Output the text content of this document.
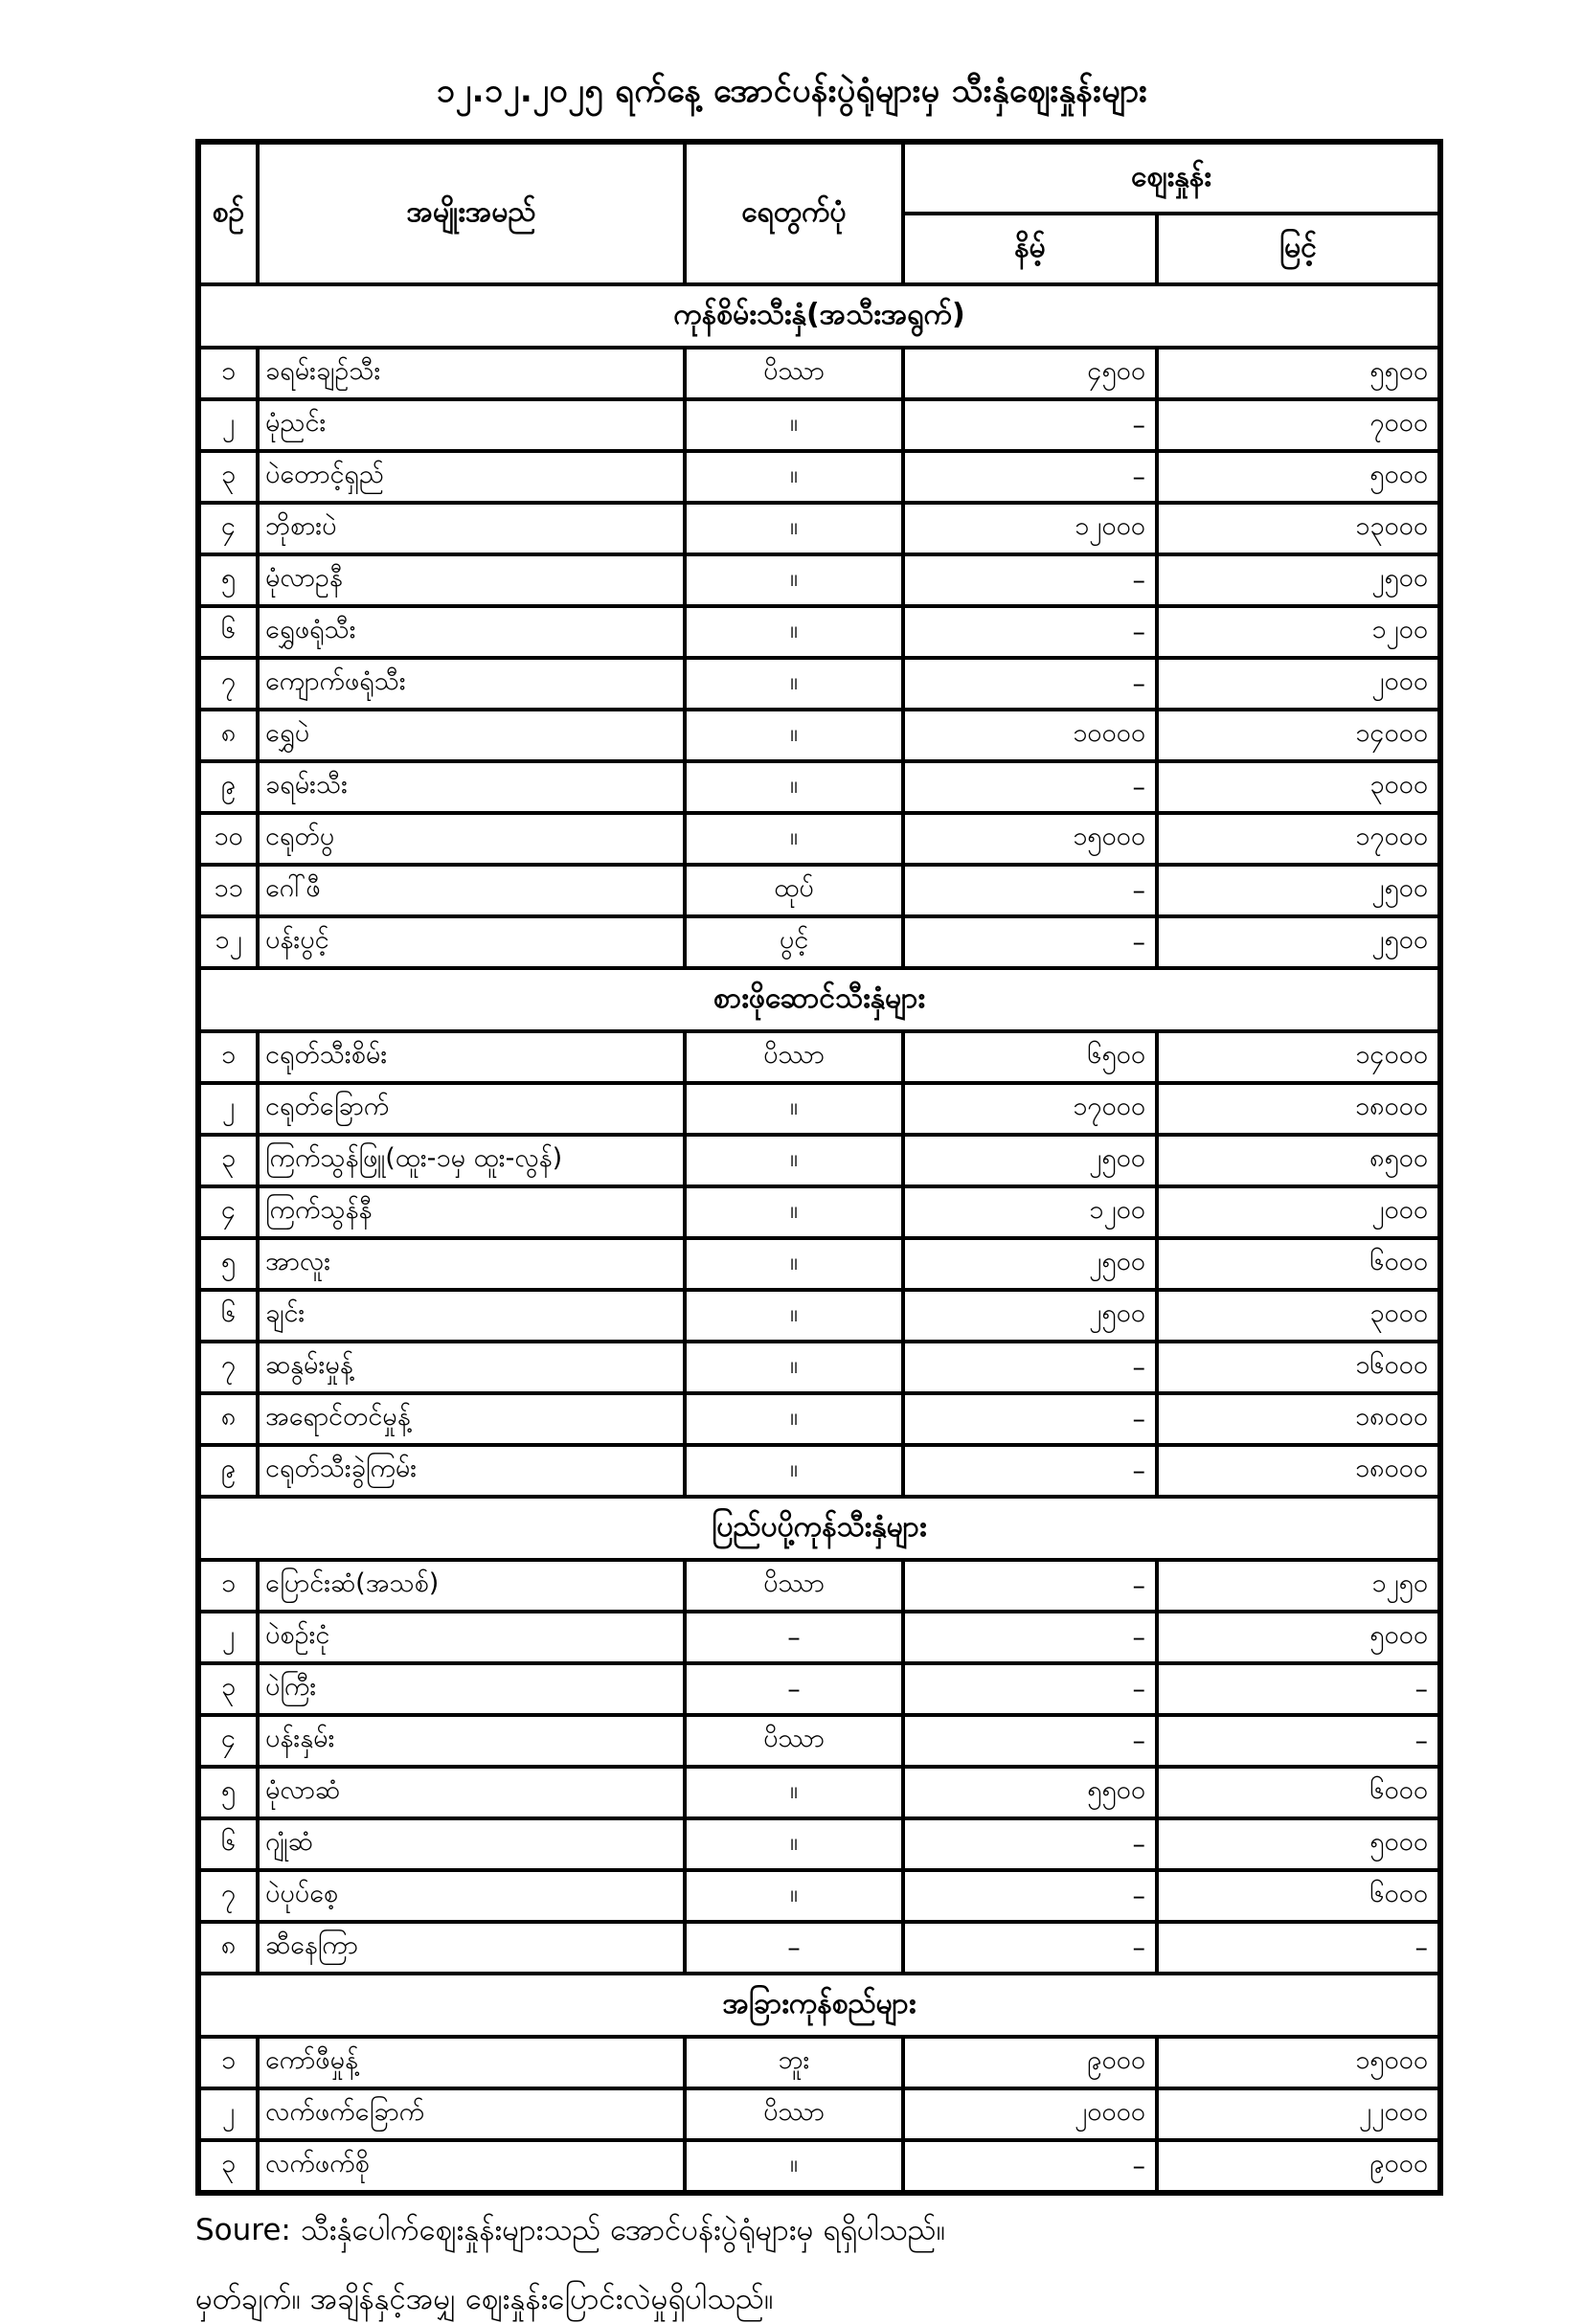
၁၂.၁၂.၂၀၂၅ ရက်နေ့ အောင်ပန်းပွဲရုံများမှ သီးနှံဈေးနှုန်းများ
စဉ်	အမျိုးအမည်	ရေတွက်ပုံ	ဈေးနှုန်း	
			နိမ့်	မြင့်
ကုန်စိမ်းသီးနှံ(အသီးအရွက်)				
၁	ခရမ်းချဉ်သီး	ပိဿာ	၄၅၀၀	၅၅၀၀
၂	မုံညင်း	။	–	၇၀၀၀
၃	ပဲတောင့်ရှည်	။	–	၅၀၀၀
၄	ဘိုစားပဲ	။	၁၂၀၀၀	၁၃၀၀၀
၅	မုံလာဥနီ	။	–	၂၅၀၀
၆	ရွှေဖရုံသီး	။	–	၁၂၀၀
၇	ကျောက်ဖရုံသီး	။	–	၂၀၀၀
၈	ရွှေပဲ	။	၁၀၀၀၀	၁၄၀၀၀
၉	ခရမ်းသီး	။	–	၃၀၀၀
၁၀	ငရုတ်ပွ	။	၁၅၀၀၀	၁၇၀၀၀
၁၁	ဂေါ်ဖီ	ထုပ်	–	၂၅၀၀
၁၂	ပန်းပွင့်	ပွင့်	–	၂၅၀၀
စားဖိုဆောင်သီးနှံများ				
၁	ငရုတ်သီးစိမ်း	ပိဿာ	၆၅၀၀	၁၄၀၀၀
၂	ငရုတ်ခြောက်	။	၁၇၀၀၀	၁၈၀၀၀
၃	ကြက်သွန်ဖြူ(ထူး-၁မှ ထူး-လွန်)	။	၂၅၀၀	၈၅၀၀
၄	ကြက်သွန်နီ	။	၁၂၀၀	၂၀၀၀
၅	အာလူး	။	၂၅၀၀	၆၀၀၀
၆	ချင်း	။	၂၅၀၀	၃၀၀၀
၇	ဆနွမ်းမှုန့်	။	–	၁၆၀၀၀
၈	အရောင်တင်မှုန့်	။	–	၁၈၀၀၀
၉	ငရုတ်သီးခွဲကြမ်း	။	–	၁၈၀၀၀
ပြည်ပပို့ကုန်သီးနှံများ				
၁	ပြောင်းဆံ(အသစ်)	ပိဿာ	–	၁၂၅၀
၂	ပဲစဉ်းငုံ	–	–	၅၀၀၀
၃	ပဲကြီး	–	–	–
၄	ပန်းနှမ်း	ပိဿာ	–	–
၅	မုံလာဆံ	။	၅၅၀၀	၆၀၀၀
၆	ဂျုံဆံ	။	–	၅၀၀၀
၇	ပဲပုပ်စေ့	။	–	၆၀၀၀
၈	ဆီနေကြာ	–	–	–
အခြားကုန်စည်များ				
၁	ကော်ဖီမှုန့်	ဘူး	၉၀၀၀	၁၅၀၀၀
၂	လက်ဖက်ခြောက်	ပိဿာ	၂၀၀၀၀	၂၂၀၀၀
၃	လက်ဖက်စို	။	–	၉၀၀၀
Soure: သီးနှံပေါက်ဈေးနှုန်းများသည် အောင်ပန်းပွဲရုံများမှ ရရှိပါသည်။
မှတ်ချက်။ အချိန်နှင့်အမျှ ဈေးနှုန်းပြောင်းလဲမှုရှိပါသည်။
